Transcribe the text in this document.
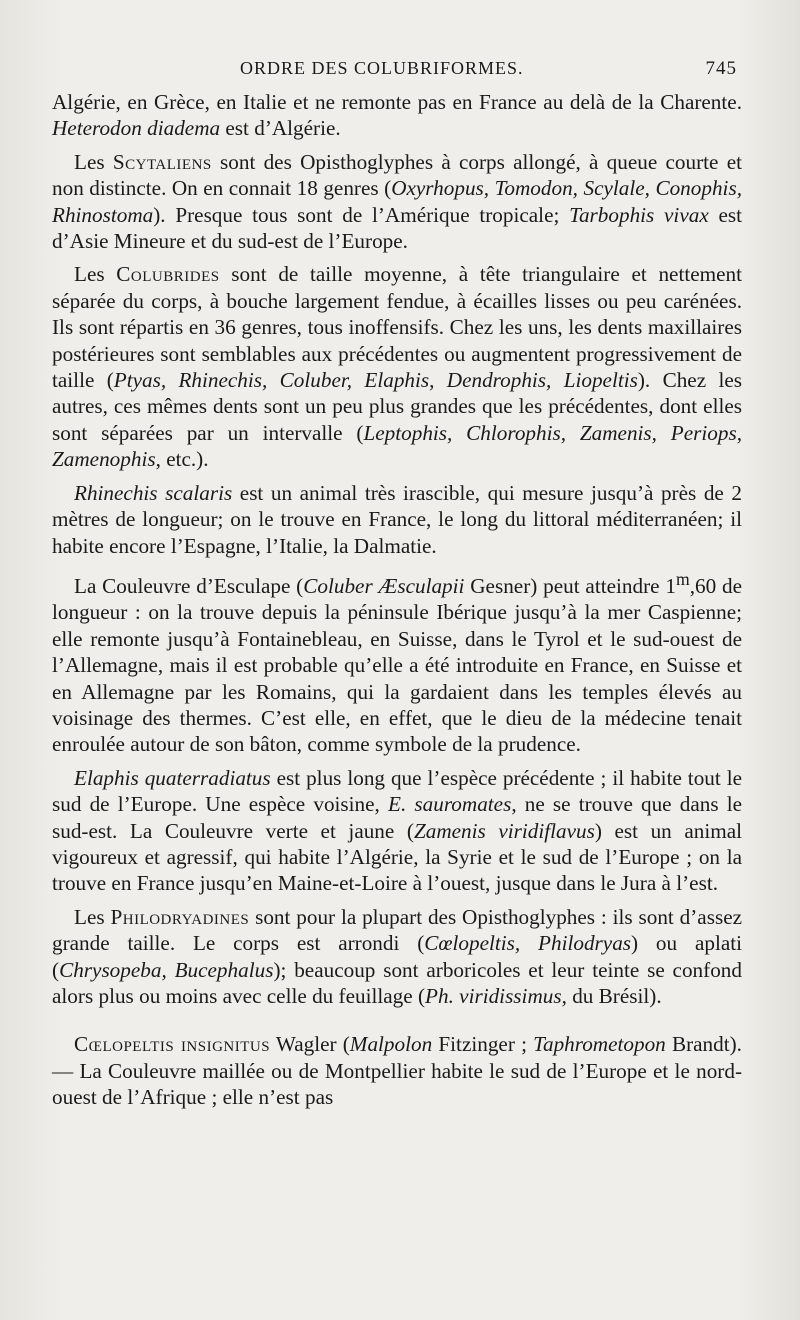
ORDRE DES COLUBRIFORMES.	745

Algérie, en Grèce, en Italie et ne remonte pas en France au delà de la Charente. Heterodon diadema est d’Algérie.

Les Scytaliens sont des Opisthoglyphes à corps allongé, à queue courte et non distincte. On en connait 18 genres (Oxyrhopus, Tomodon, Scylale, Conophis, Rhinostoma). Presque tous sont de l’Amérique tropicale; Tarbophis vivax est d’Asie Mineure et du sud-est de l’Europe.

Les Colubrides sont de taille moyenne, à tête triangulaire et nettement séparée du corps, à bouche largement fendue, à écailles lisses ou peu carénées. Ils sont répartis en 36 genres, tous inoffensifs. Chez les uns, les dents maxillaires postérieures sont semblables aux précédentes ou augmentent progressivement de taille (Ptyas, Rhinechis, Coluber, Elaphis, Dendrophis, Liopeltis). Chez les autres, ces mêmes dents sont un peu plus grandes que les précédentes, dont elles sont séparées par un intervalle (Leptophis, Chlorophis, Zamenis, Periops, Zamenophis, etc.).

Rhinechis scalaris est un animal très irascible, qui mesure jusqu’à près de 2 mètres de longueur; on le trouve en France, le long du littoral méditerranéen; il habite encore l’Espagne, l’Italie, la Dalmatie.

La Couleuvre d’Esculape (Coluber Æsculapii Gesner) peut atteindre 1$^m$,60 de longueur : on la trouve depuis la péninsule Ibérique jusqu’à la mer Caspienne; elle remonte jusqu’à Fontainebleau, en Suisse, dans le Tyrol et le sud-ouest de l’Allemagne, mais il est probable qu’elle a été introduite en France, en Suisse et en Allemagne par les Romains, qui la gardaient dans les temples élevés au voisinage des thermes. C’est elle, en effet, que le dieu de la médecine tenait enroulée autour de son bâton, comme symbole de la prudence.

Elaphis quaterradiatus est plus long que l’espèce précédente ; il habite tout le sud de l’Europe. Une espèce voisine, E. sauromates, ne se trouve que dans le sud-est. La Couleuvre verte et jaune (Zamenis viridiflavus) est un animal vigoureux et agressif, qui habite l’Algérie, la Syrie et le sud de l’Europe ; on la trouve en France jusqu’en Maine-et-Loire à l’ouest, jusque dans le Jura à l’est.

Les Philodryadines sont pour la plupart des Opisthoglyphes : ils sont d’assez grande taille. Le corps est arrondi (Cœlopeltis, Philodryas) ou aplati (Chrysopeba, Bucephalus); beaucoup sont arboricoles et leur teinte se confond alors plus ou moins avec celle du feuillage (Ph. viridissimus, du Brésil).

Cœlopeltis insignitus Wagler (Malpolon Fitzinger ; Taphrometopon Brandt). — La Couleuvre maillée ou de Montpellier habite le sud de l’Europe et le nord-ouest de l’Afrique ; elle n’est pas
